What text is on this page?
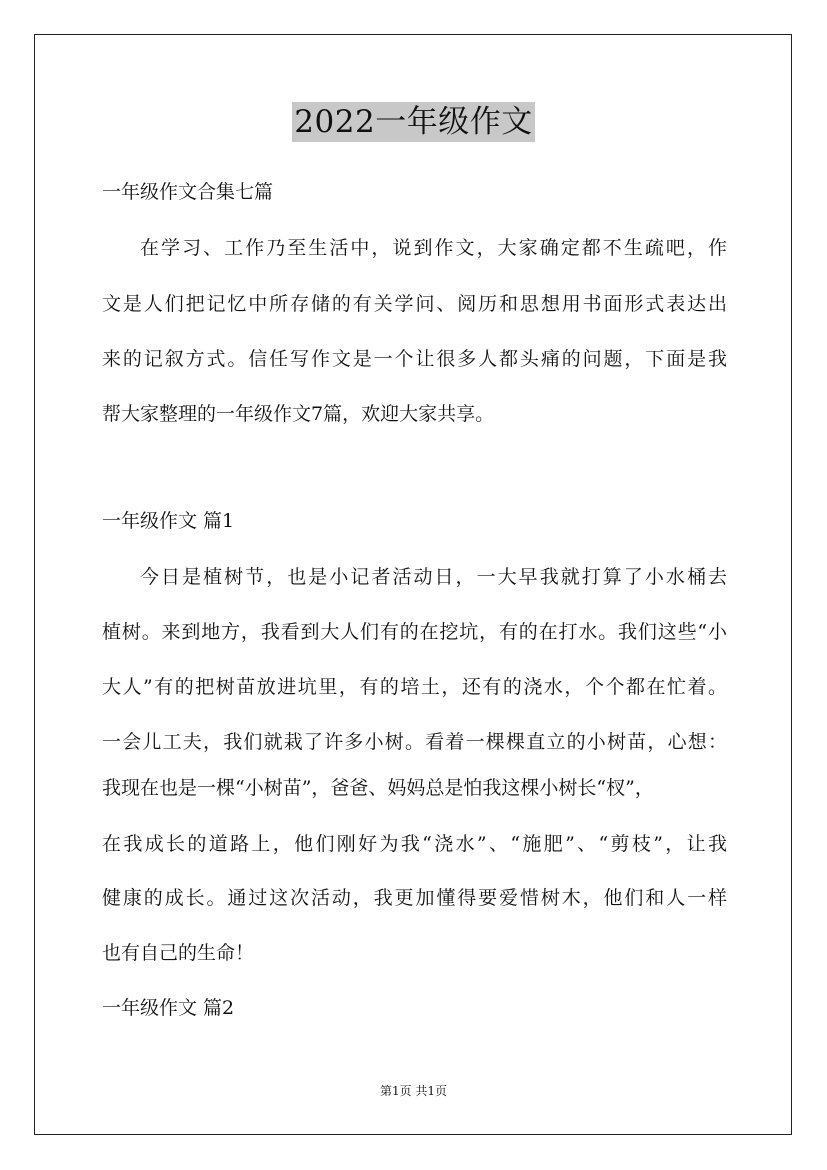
2022一年级作文
一年级作文合集七篇
在学习、工作乃至生活中，说到作文，大家确定都不生疏吧，作
文是人们把记忆中所存储的有关学问、阅历和思想用书面形式表达出
来的记叙方式。信任写作文是一个让很多人都头痛的问题，下面是我
帮大家整理的一年级作文7篇，欢迎大家共享。
一年级作文 篇1
今日是植树节，也是小记者活动日，一大早我就打算了小水桶去
植树。来到地方，我看到大人们有的在挖坑，有的在打水。我们这些“小
大人”有的把树苗放进坑里，有的培土，还有的浇水，个个都在忙着。
一会儿工夫，我们就栽了许多小树。看着一棵棵直立的小树苗，心想：
我现在也是一棵“小树苗”，爸爸、妈妈总是怕我这棵小树长“杈”，
在我成长的道路上，他们刚好为我“浇水”、“施肥”、“剪枝”，让我
健康的成长。通过这次活动，我更加懂得要爱惜树木，他们和人一样
也有自己的生命！
一年级作文 篇2
第1页 共1页
